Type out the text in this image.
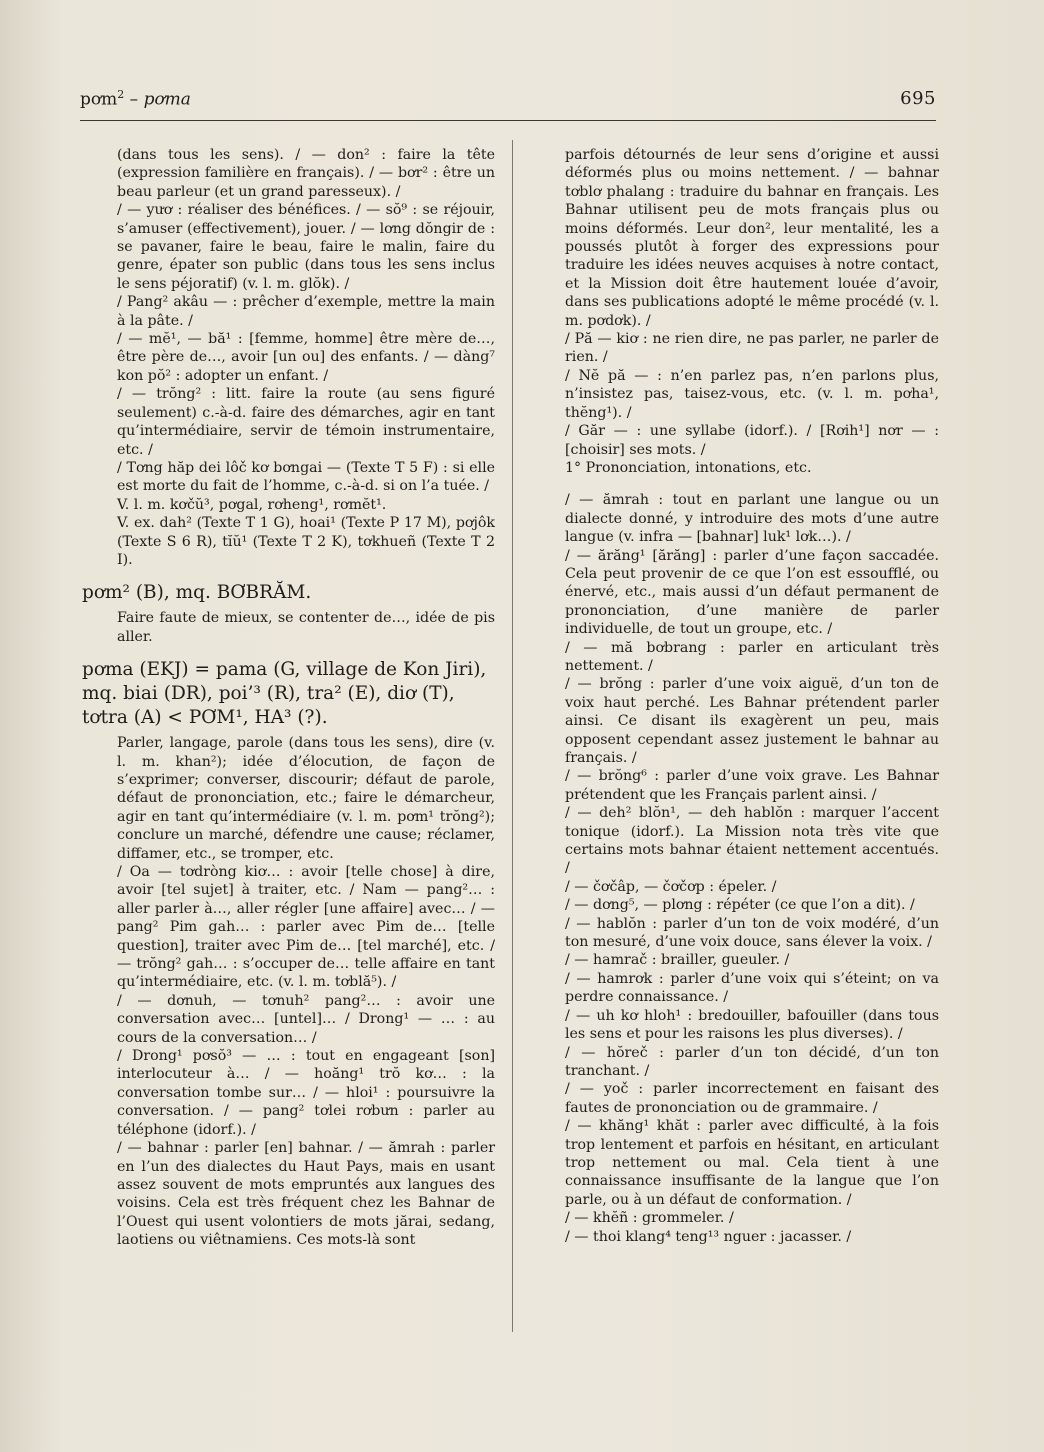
pơm$^2$ – pơma	695

(dans tous les sens). / — don² : faire la tête (expression familière en français). / — bơr² : être un beau parleur (et un grand paresseux). /

/ — yươ : réaliser des bénéfices. / — sŏ⁹ : se réjouir, s’amuser (effectivement), jouer. / — lơng dŏngir de : se pavaner, faire le beau, faire le malin, faire du genre, épater son public (dans tous les sens inclus le sens péjoratif) (v. l. m. glŏk). /

/ Pang² akâu — : prêcher d’exemple, mettre la main à la pâte. /

/ — mĕ¹, — bă¹ : [femme, homme] être mère de…, être père de…, avoir [un ou] des enfants. / — dàng⁷ kon pŏ² : adopter un enfant. /

/ — trŏng² : litt. faire la route (au sens figuré seulement) c.-à-d. faire des démarches, agir en tant qu’intermédiaire, servir de témoin instrumentaire, etc. /

/ Tơng hăp dei lôč kơ bơngai — (Texte T 5 F) : si elle est morte du fait de l’homme, c.-à-d. si on l’a tuée. /

V. l. m. kơčŭ³, pơgal, rơheng¹, rơmĕt¹.

V. ex. dah² (Texte T 1 G), hoai¹ (Texte P 17 M), pơjôk (Texte S 6 R), tĭŭ¹ (Texte T 2 K), tơkhueñ (Texte T 2 I).

pơm² (B), mq. BƠBRĂM.

Faire faute de mieux, se contenter de…, idée de pis aller.

pơma (EKJ) = pama (G, village de Kon Jiri), mq. biai (DR), poi’³ (R), tra² (E), diơ (T), tơtra (A) < PƠM¹, HA³ (?).

Parler, langage, parole (dans tous les sens), dire (v. l. m. khan²); idée d’élocution, de façon de s’exprimer; converser, discourir; défaut de parole, défaut de prononciation, etc.; faire le démarcheur, agir en tant qu’intermédiaire (v. l. m. pơm¹ trŏng²); conclure un marché, défendre une cause; réclamer, diffamer, etc., se tromper, etc.

/ Oa — tơdròng kiơ… : avoir [telle chose] à dire, avoir [tel sujet] à traiter, etc. / Nam — pang²… : aller parler à…, aller régler [une affaire] avec… / — pang² Pim gah… : parler avec Pim de… [telle question], traiter avec Pim de… [tel marché], etc. / — trŏng² gah… : s’occuper de… telle affaire en tant qu’intermédiaire, etc. (v. l. m. tơblă⁵). /

/ — dơnuh, — tơnuh² pang²… : avoir une conversation avec… [untel]… / Drong¹ — … : au cours de la conversation… /

/ Drong¹ pơsŏ³ — … : tout en engageant [son] interlocuteur à… / — hoăng¹ trŏ kơ… : la conversation tombe sur… / — hloi¹ : poursuivre la conversation. / — pang² tơlei rơbưn : parler au téléphone (idorf.). /

/ — bahnar : parler [en] bahnar. / — ămrah : parler en l’un des dialectes du Haut Pays, mais en usant assez souvent de mots empruntés aux langues des voisins. Cela est très fréquent chez les Bahnar de l’Ouest qui usent volontiers de mots jărai, sedang, laotiens ou viêtnamiens. Ces mots-là sont

parfois détournés de leur sens d’origine et aussi déformés plus ou moins nettement. / — bahnar tơblơ phalang : traduire du bahnar en français. Les Bahnar utilisent peu de mots français plus ou moins déformés. Leur don², leur mentalité, les a poussés plutôt à forger des expressions pour traduire les idées neuves acquises à notre contact, et la Mission doit être hautement louée d’avoir, dans ses publications adopté le même procédé (v. l. m. pơdơk). /

/ Pă — kiơ : ne rien dire, ne pas parler, ne parler de rien. /

/ Nĕ pă — : n’en parlez pas, n’en parlons plus, n’insistez pas, taisez-vous, etc. (v. l. m. pơha¹, thĕng¹). /

/ Găr — : une syllabe (idorf.). / [Rơih¹] nơr — : [choisir] ses mots. /

1° Prononciation, intonations, etc.

/ — ămrah : tout en parlant une langue ou un dialecte donné, y introduire des mots d’une autre langue (v. infra — [bahnar] luk¹ lơk…). /

/ — ărăng¹ [ărăng] : parler d’une façon saccadée. Cela peut provenir de ce que l’on est essoufflé, ou énervé, etc., mais aussi d’un défaut permanent de prononciation, d’une manière de parler individuelle, de tout un groupe, etc. /

/ — mă bơbrang : parler en articulant très nettement. /

/ — brŏng : parler d’une voix aiguë, d’un ton de voix haut perché. Les Bahnar prétendent parler ainsi. Ce disant ils exagèrent un peu, mais opposent cependant assez justement le bahnar au français. /

/ — brŏng⁶ : parler d’une voix grave. Les Bahnar prétendent que les Français parlent ainsi. /

/ — deh² blŏn¹, — deh hablŏn : marquer l’accent tonique (idorf.). La Mission nota très vite que certains mots bahnar étaient nettement accentués. /

/ — čơčâp, — čơčơp : épeler. /

/ — dơng⁵, — plơng : répéter (ce que l’on a dit). /

/ — hablŏn : parler d’un ton de voix modéré, d’un ton mesuré, d’une voix douce, sans élever la voix. /

/ — hamrač : brailler, gueuler. /

/ — hamrơk : parler d’une voix qui s’éteint; on va perdre connaissance. /

/ — uh kơ hloh¹ : bredouiller, bafouiller (dans tous les sens et pour les raisons les plus diverses). /

/ — hŏreč : parler d’un ton décidé, d’un ton tranchant. /

/ — yoč : parler incorrectement en faisant des fautes de prononciation ou de grammaire. /

/ — khăng¹ khăt : parler avec difficulté, à la fois trop lentement et parfois en hésitant, en articulant trop nettement ou mal. Cela tient à une connaissance insuffisante de la langue que l’on parle, ou à un défaut de conformation. /

/ — khĕñ : grommeler. /

/ — thoi klang⁴ teng¹³ nguer : jacasser. /
